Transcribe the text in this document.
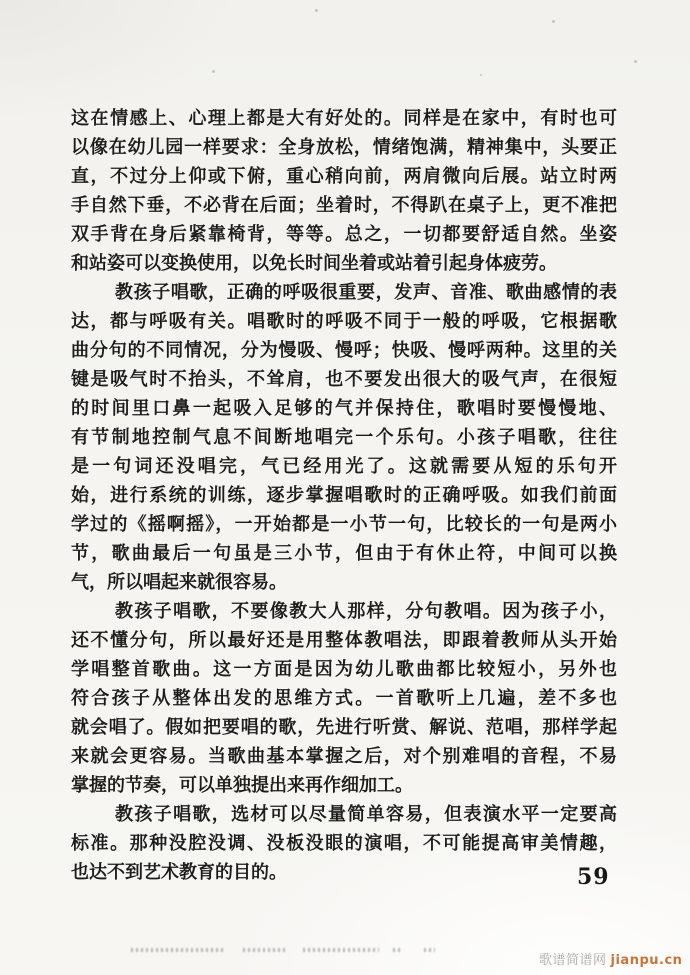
这在情感上、心理上都是大有好处的。同样是在家中，有时也可
以像在幼儿园一样要求：全身放松，情绪饱满，精神集中，头要正
直，不过分上仰或下俯，重心稍向前，两肩微向后展。站立时两
手自然下垂，不必背在后面；坐着时，不得趴在桌子上，更不准把
双手背在身后紧靠椅背，等等。总之，一切都要舒适自然。坐姿
和站姿可以变换使用，以免长时间坐着或站着引起身体疲劳。
教孩子唱歌，正确的呼吸很重要，发声、音准、歌曲感情的表
达，都与呼吸有关。唱歌时的呼吸不同于一般的呼吸，它根据歌
曲分句的不同情况，分为慢吸、慢呼；快吸、慢呼两种。这里的关
键是吸气时不抬头，不耸肩，也不要发出很大的吸气声，在很短
的时间里口鼻一起吸入足够的气并保持住，歌唱时要慢慢地、
有节制地控制气息不间断地唱完一个乐句。小孩子唱歌，往往
是一句词还没唱完，气已经用光了。这就需要从短的乐句开
始，进行系统的训练，逐步掌握唱歌时的正确呼吸。如我们前面
学过的《摇啊摇》，一开始都是一小节一句，比较长的一句是两小
节，歌曲最后一句虽是三小节，但由于有休止符，中间可以换
气，所以唱起来就很容易。
教孩子唱歌，不要像教大人那样，分句教唱。因为孩子小，
还不懂分句，所以最好还是用整体教唱法，即跟着教师从头开始
学唱整首歌曲。这一方面是因为幼儿歌曲都比较短小，另外也
符合孩子从整体出发的思维方式。一首歌听上几遍，差不多也
就会唱了。假如把要唱的歌，先进行听赏、解说、范唱，那样学起
来就会更容易。当歌曲基本掌握之后，对个别难唱的音程，不易
掌握的节奏，可以单独提出来再作细加工。
教孩子唱歌，选材可以尽量简单容易，但表演水平一定要高
标准。那种没腔没调、没板没眼的演唱，不可能提高审美情趣，
也达不到艺术教育的目的。	59
歌谱简谱网 jianpu.cn
